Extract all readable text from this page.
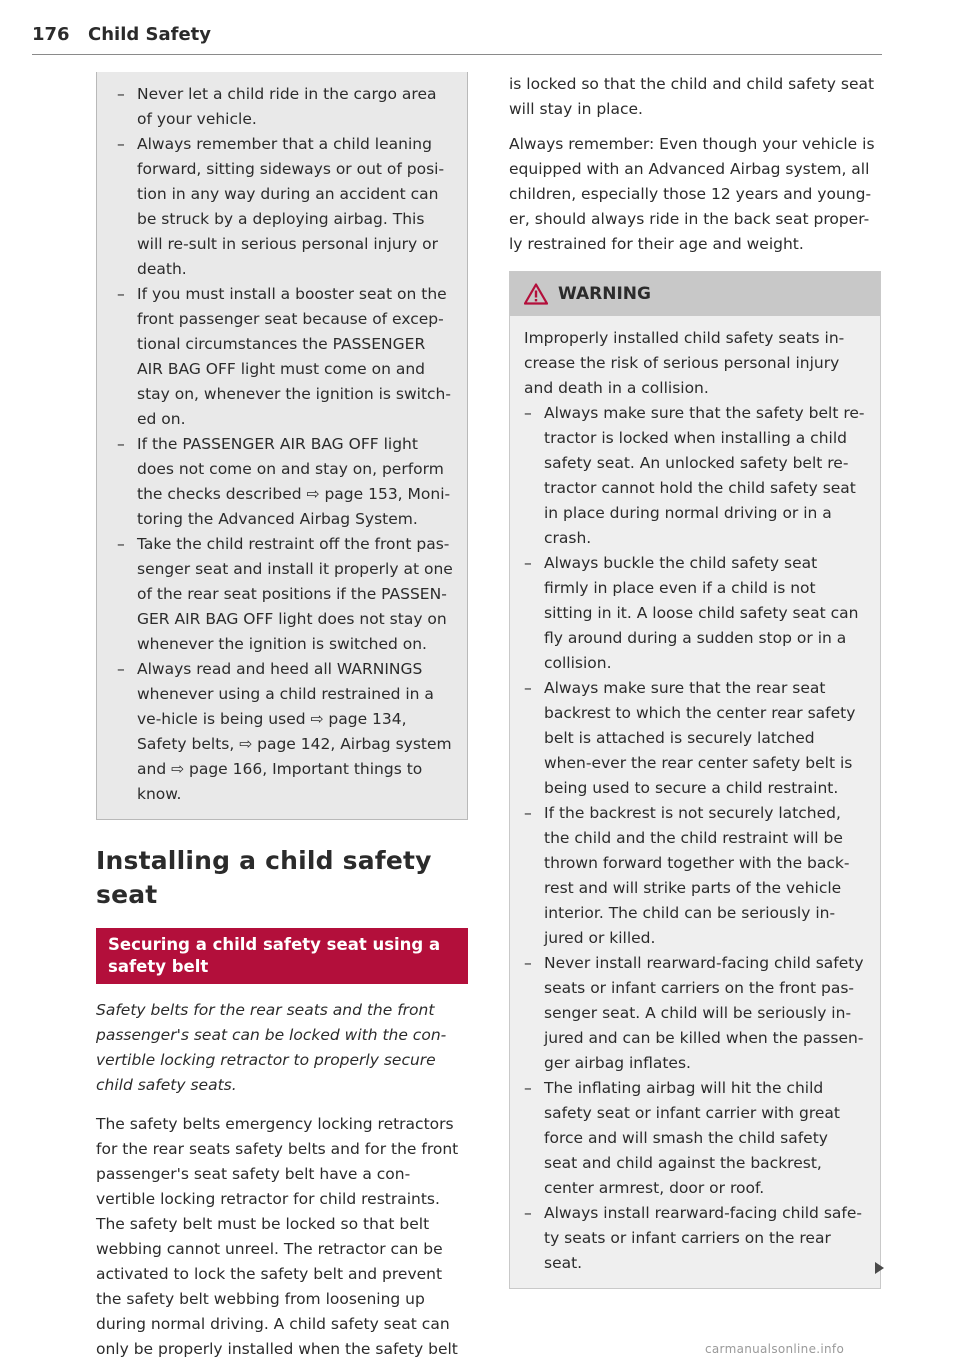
176 Child Safety
– Never let a child ride in the cargo area of your vehicle.
– Always remember that a child leaning forward, sitting sideways or out of posi-tion in any way during an accident can be struck by a deploying airbag. This will re-sult in serious personal injury or death.
– If you must install a booster seat on the front passenger seat because of excep-tional circumstances the PASSENGER AIR BAG OFF light must come on and stay on, whenever the ignition is switch-ed on.
– If the PASSENGER AIR BAG OFF light does not come on and stay on, perform the checks described ⇨ page 153, Moni-toring the Advanced Airbag System.
– Take the child restraint off the front pas-senger seat and install it properly at one of the rear seat positions if the PASSEN-GER AIR BAG OFF light does not stay on whenever the ignition is switched on.
– Always read and heed all WARNINGS whenever using a child restrained in a ve-hicle is being used ⇨ page 134, Safety belts, ⇨ page 142, Airbag system and ⇨ page 166, Important things to know.
Installing a child safety seat
Securing a child safety seat using a safety belt

Safety belts for the rear seats and the front passenger's seat can be locked with the con-vertible locking retractor to properly secure child safety seats.

The safety belts emergency locking retractors for the rear seats safety belts and for the front passenger's seat safety belt have a con-vertible locking retractor for child restraints. The safety belt must be locked so that belt webbing cannot unreel. The retractor can be activated to lock the safety belt and prevent the safety belt webbing from loosening up during normal driving. A child safety seat can only be properly installed when the safety belt

is locked so that the child and child safety seat will stay in place.

Always remember: Even though your vehicle is equipped with an Advanced Airbag system, all children, especially those 12 years and young-er, should always ride in the back seat proper-ly restrained for their age and weight.

WARNING

Improperly installed child safety seats in-crease the risk of serious personal injury and death in a collision.

– Always make sure that the safety belt re-tractor is locked when installing a child safety seat. An unlocked safety belt re-tractor cannot hold the child safety seat in place during normal driving or in a crash.
– Always buckle the child safety seat firmly in place even if a child is not sitting in it. A loose child safety seat can fly around during a sudden stop or in a collision.
– Always make sure that the rear seat backrest to which the center rear safety belt is attached is securely latched when-ever the rear center safety belt is being used to secure a child restraint.
– If the backrest is not securely latched, the child and the child restraint will be thrown forward together with the back-rest and will strike parts of the vehicle interior. The child can be seriously in-jured or killed.
– Never install rearward-facing child safety seats or infant carriers on the front pas-senger seat. A child will be seriously in-jured and can be killed when the passen-ger airbag inflates.
– The inflating airbag will hit the child safety seat or infant carrier with great force and will smash the child safety seat and child against the backrest, center armrest, door or roof.
– Always install rearward-facing child safe-ty seats or infant carriers on the rear seat.
carmanualsonline.info
